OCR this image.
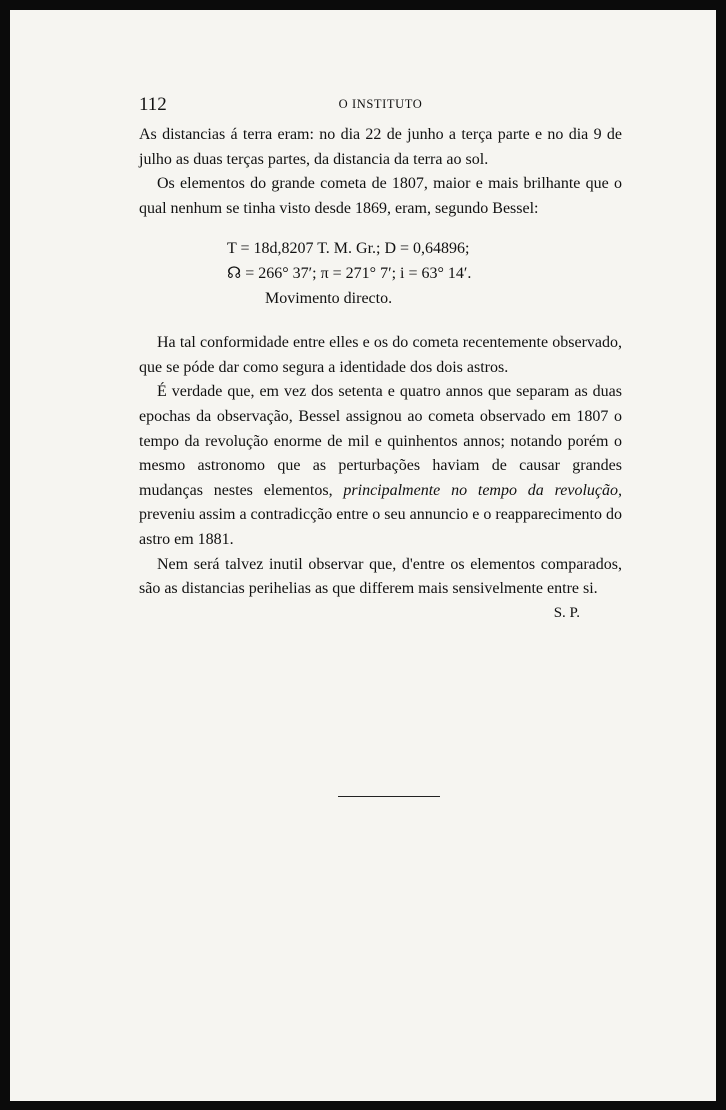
112	O INSTITUTO

As distancias á terra eram: no dia 22 de junho a terça parte e no dia 9 de julho as duas terças partes, da distancia da terra ao sol.

Os elementos do grande cometa de 1807, maior e mais brilhante que o qual nenhum se tinha visto desde 1869, eram, segundo Bessel:

T = 18d,8207 T. M. Gr.; D = 0,64896;
☊ = 266° 37′; π = 271° 7′; i = 63° 14′.
Movimento directo.

Ha tal conformidade entre elles e os do cometa recentemente observado, que se póde dar como segura a identidade dos dois astros.

É verdade que, em vez dos setenta e quatro annos que separam as duas epochas da observação, Bessel assignou ao cometa observado em 1807 o tempo da revolução enorme de mil e quinhentos annos; notando porém o mesmo astronomo que as perturbações haviam de causar grandes mudanças nestes elementos, principalmente no tempo da revolução, preveniu assim a contradicção entre o seu annuncio e o reapparecimento do astro em 1881.

Nem será talvez inutil observar que, d'entre os elementos comparados, são as distancias perihelias as que differem mais sensivelmente entre si.

S. P.
